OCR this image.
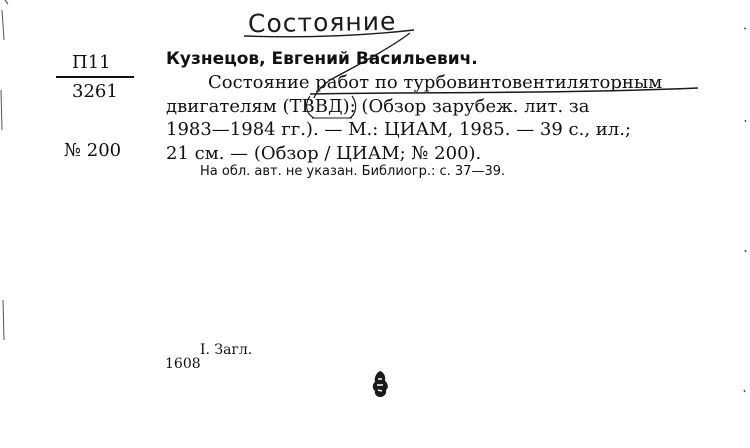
Состояние
П11
3261
№ 200
Кузнецов, Евгений Васильевич.
Состояние работ по турбовинтовентиляторным
двигателям (ТВВД): (Обзор зарубеж. лит. за
1983—1984 гг.). — М.: ЦИАМ, 1985. — 39 с., ил.;
21 см. — (Обзор / ЦИАМ; № 200).
На обл. авт. не указан. Библиогр.: с. 37—39.
I. Загл.
1608
